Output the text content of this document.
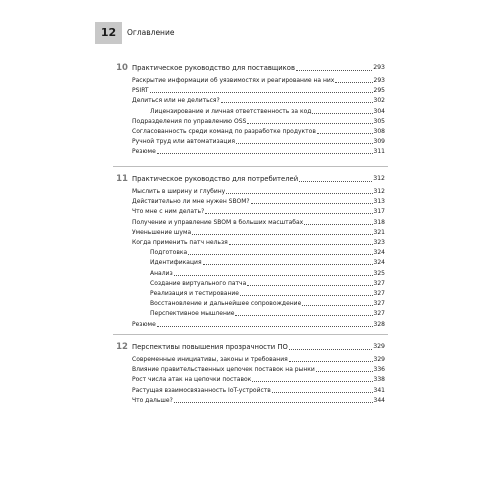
12	Оглавление
10 Практическое руководство для поставщиков	293
Раскрытие информации об уязвимостях и реагирование на них	293
PSIRT	295
Делиться или не делиться?	302
Лицензирование и личная ответственность за код	304
Подразделения по управлению OSS	305
Согласованность среди команд по разработке продуктов	308
Ручной труд или автоматизация	309
Резюме	311
11 Практическое руководство для потребителей	312
Мыслить в ширину и глубину	312
Действительно ли мне нужен SBOM?	313
Что мне с ним делать?	317
Получение и управление SBOM в больших масштабах	318
Уменьшение шума	321
Когда применить патч нельзя	323
Подготовка	324
Идентификация	324
Анализ	325
Создание виртуального патча	327
Реализация и тестирование	327
Восстановление и дальнейшее сопровождение	327
Перспективное мышление	327
Резюме	328
12 Перспективы повышения прозрачности ПО	329
Современные инициативы, законы и требования	329
Влияние правительственных цепочек поставок на рынки	336
Рост числа атак на цепочки поставок	338
Растущая взаимосвязанность IoT-устройств	341
Что дальше?	344
